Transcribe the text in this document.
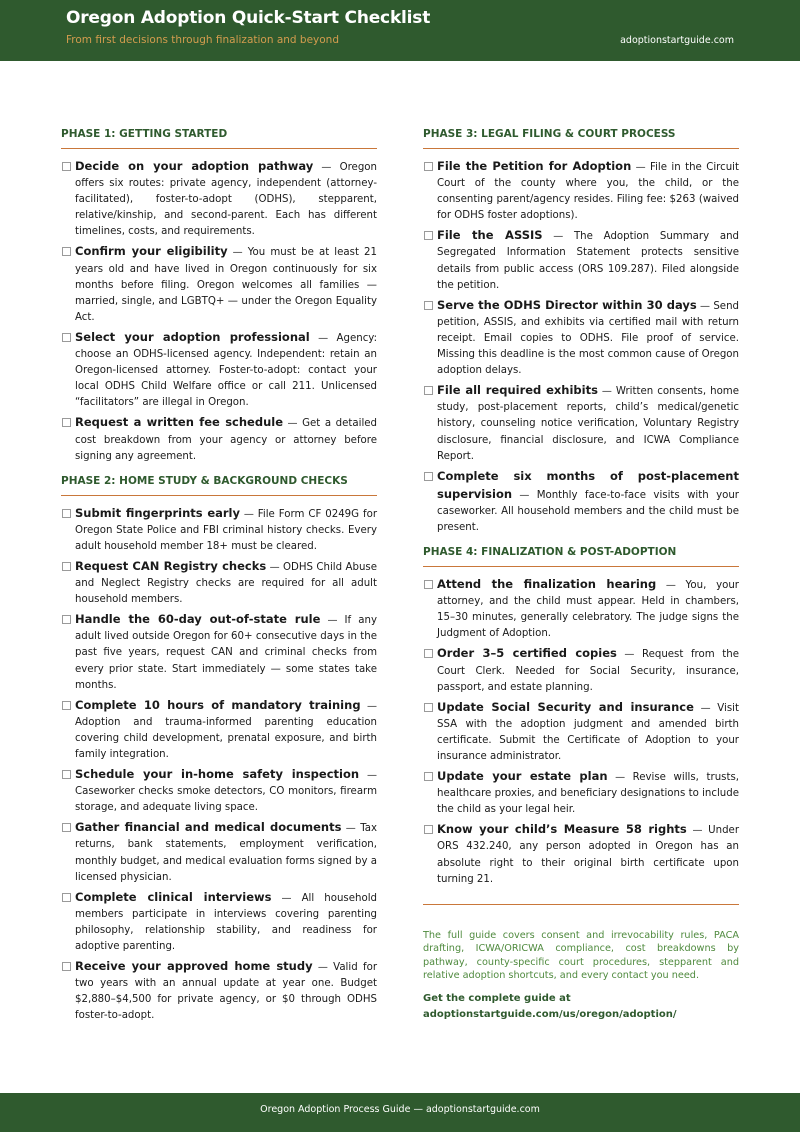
Oregon Adoption Quick-Start Checklist
From first decisions through finalization and beyond	adoptionstartguide.com
PHASE 1: GETTING STARTED
Decide on your adoption pathway — Oregon offers six routes: private agency, independent (attorney-facilitated), foster-to-adopt (ODHS), stepparent, relative/kinship, and second-parent. Each has different timelines, costs, and requirements.
Confirm your eligibility — You must be at least 21 years old and have lived in Oregon continuously for six months before filing. Oregon welcomes all families — married, single, and LGBTQ+ — under the Oregon Equality Act.
Select your adoption professional — Agency: choose an ODHS-licensed agency. Independent: retain an Oregon-licensed attorney. Foster-to-adopt: contact your local ODHS Child Welfare office or call 211. Unlicensed “facilitators” are illegal in Oregon.
Request a written fee schedule — Get a detailed cost breakdown from your agency or attorney before signing any agreement.
PHASE 2: HOME STUDY & BACKGROUND CHECKS
Submit fingerprints early — File Form CF 0249G for Oregon State Police and FBI criminal history checks. Every adult household member 18+ must be cleared.
Request CAN Registry checks — ODHS Child Abuse and Neglect Registry checks are required for all adult household members.
Handle the 60-day out-of-state rule — If any adult lived outside Oregon for 60+ consecutive days in the past five years, request CAN and criminal checks from every prior state. Start immediately — some states take months.
Complete 10 hours of mandatory training — Adoption and trauma-informed parenting education covering child development, prenatal exposure, and birth family integration.
Schedule your in-home safety inspection — Caseworker checks smoke detectors, CO monitors, firearm storage, and adequate living space.
Gather financial and medical documents — Tax returns, bank statements, employment verification, monthly budget, and medical evaluation forms signed by a licensed physician.
Complete clinical interviews — All household members participate in interviews covering parenting philosophy, relationship stability, and readiness for adoptive parenting.
Receive your approved home study — Valid for two years with an annual update at year one. Budget $2,880–$4,500 for private agency, or $0 through ODHS foster-to-adopt.
PHASE 3: LEGAL FILING & COURT PROCESS
File the Petition for Adoption — File in the Circuit Court of the county where you, the child, or the consenting parent/agency resides. Filing fee: $263 (waived for ODHS foster adoptions).
File the ASSIS — The Adoption Summary and Segregated Information Statement protects sensitive details from public access (ORS 109.287). Filed alongside the petition.
Serve the ODHS Director within 30 days — Send petition, ASSIS, and exhibits via certified mail with return receipt. Email copies to ODHS. File proof of service. Missing this deadline is the most common cause of Oregon adoption delays.
File all required exhibits — Written consents, home study, post-placement reports, child’s medical/genetic history, counseling notice verification, Voluntary Registry disclosure, financial disclosure, and ICWA Compliance Report.
Complete six months of post-placement supervision — Monthly face-to-face visits with your caseworker. All household members and the child must be present.
PHASE 4: FINALIZATION & POST-ADOPTION
Attend the finalization hearing — You, your attorney, and the child must appear. Held in chambers, 15–30 minutes, generally celebratory. The judge signs the Judgment of Adoption.
Order 3–5 certified copies — Request from the Court Clerk. Needed for Social Security, insurance, passport, and estate planning.
Update Social Security and insurance — Visit SSA with the adoption judgment and amended birth certificate. Submit the Certificate of Adoption to your insurance administrator.
Update your estate plan — Revise wills, trusts, healthcare proxies, and beneficiary designations to include the child as your legal heir.
Know your child’s Measure 58 rights — Under ORS 432.240, any person adopted in Oregon has an absolute right to their original birth certificate upon turning 21.
The full guide covers consent and irrevocability rules, PACA drafting, ICWA/ORICWA compliance, cost breakdowns by pathway, county-specific court procedures, stepparent and relative adoption shortcuts, and every contact you need.
Get the complete guide at
adoptionstartguide.com/us/oregon/adoption/
Oregon Adoption Process Guide — adoptionstartguide.com
